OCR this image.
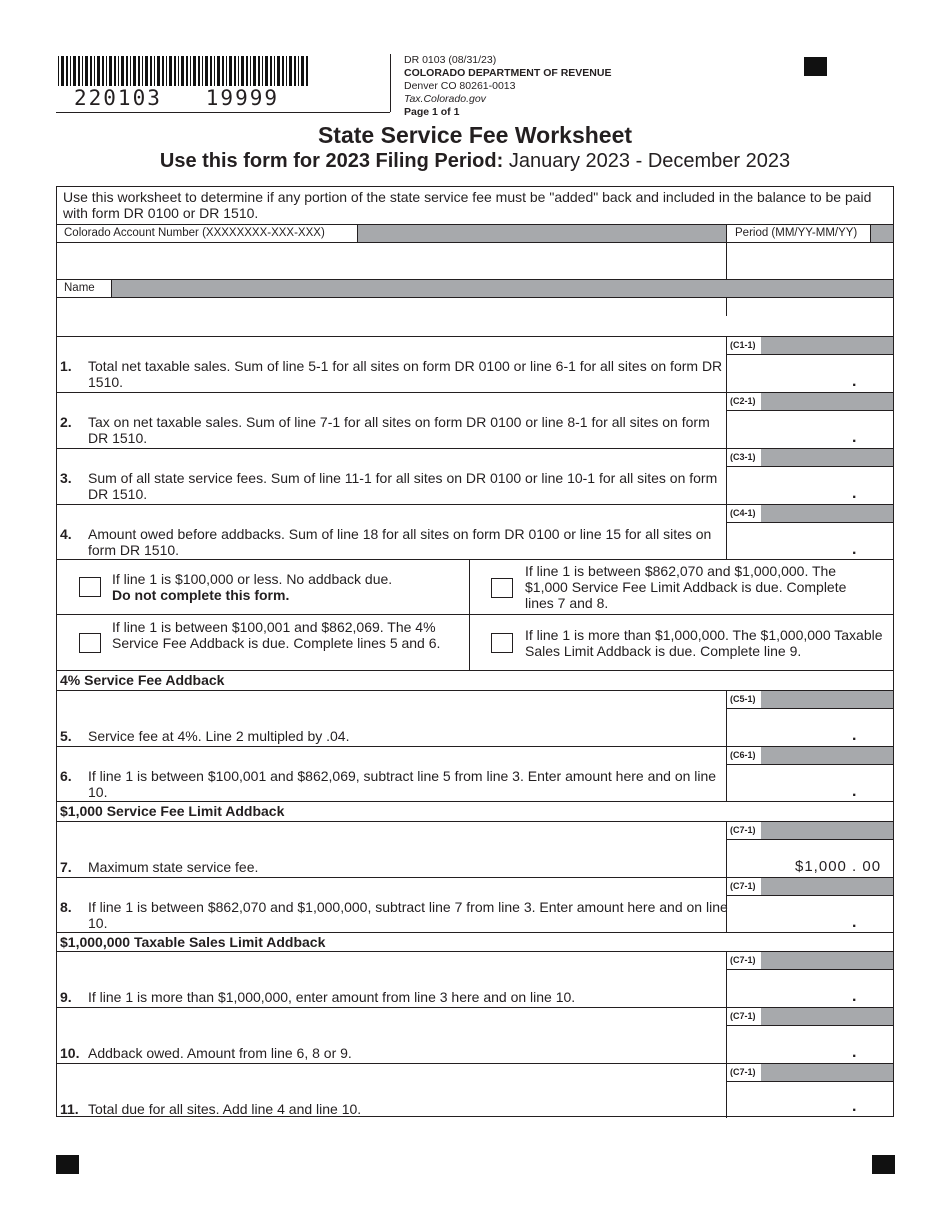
220103   19999
DR 0103 (08/31/23)
COLORADO DEPARTMENT OF REVENUE
Denver CO 80261-0013
Tax.Colorado.gov
Page 1 of 1
State Service Fee Worksheet
Use this form for 2023 Filing Period: January 2023 - December 2023
Use this worksheet to determine if any portion of the state service fee must be "added" back and included in the balance to be paid with form DR 0100 or DR 1510.
Colorado Account Number (XXXXXXXX-XXX-XXX)	Period (MM/YY-MM/YY)
Name
1. Total net taxable sales. Sum of line 5-1 for all sites on form DR 0100 or line 6-1 for all sites on form DR 1510.
(C1-1)
.
2. Tax on net taxable sales. Sum of line 7-1 for all sites on form DR 0100 or line 8-1 for all sites on form DR 1510.
(C2-1)
.
3. Sum of all state service fees. Sum of line 11-1 for all sites on DR 0100 or line 10-1 for all sites on form DR 1510.
(C3-1)
.
4. Amount owed before addbacks. Sum of line 18 for all sites on form DR 0100 or line 15 for all sites on form DR 1510.
(C4-1)
.
If line 1 is $100,000 or less. No addback due.
Do not complete this form.
If line 1 is between $862,070 and $1,000,000. The $1,000 Service Fee Limit Addback is due. Complete lines 7 and 8.
If line 1 is between $100,001 and $862,069. The 4% Service Fee Addback is due. Complete lines 5 and 6.	If line 1 is more than $1,000,000. The $1,000,000 Taxable Sales Limit Addback is due. Complete line 9.
4% Service Fee Addback
5. Service fee at 4%. Line 2 multipled by .04.
(C5-1)
.
6. If line 1 is between $100,001 and $862,069, subtract line 5 from line 3. Enter amount here and on line 10.
(C6-1)
.
$1,000 Service Fee Limit Addback
7. Maximum state service fee.
(C7-1)
$1,000 . 00
8. If line 1 is between $862,070 and $1,000,000, subtract line 7 from line 3. Enter amount here and on line 10.
(C7-1)
.
$1,000,000 Taxable Sales Limit Addback
9. If line 1 is more than $1,000,000, enter amount from line 3 here and on line 10.
(C7-1)
.
10. Addback owed. Amount from line 6, 8 or 9.
(C7-1)
.
11. Total due for all sites. Add line 4 and line 10.
(C7-1)
.
